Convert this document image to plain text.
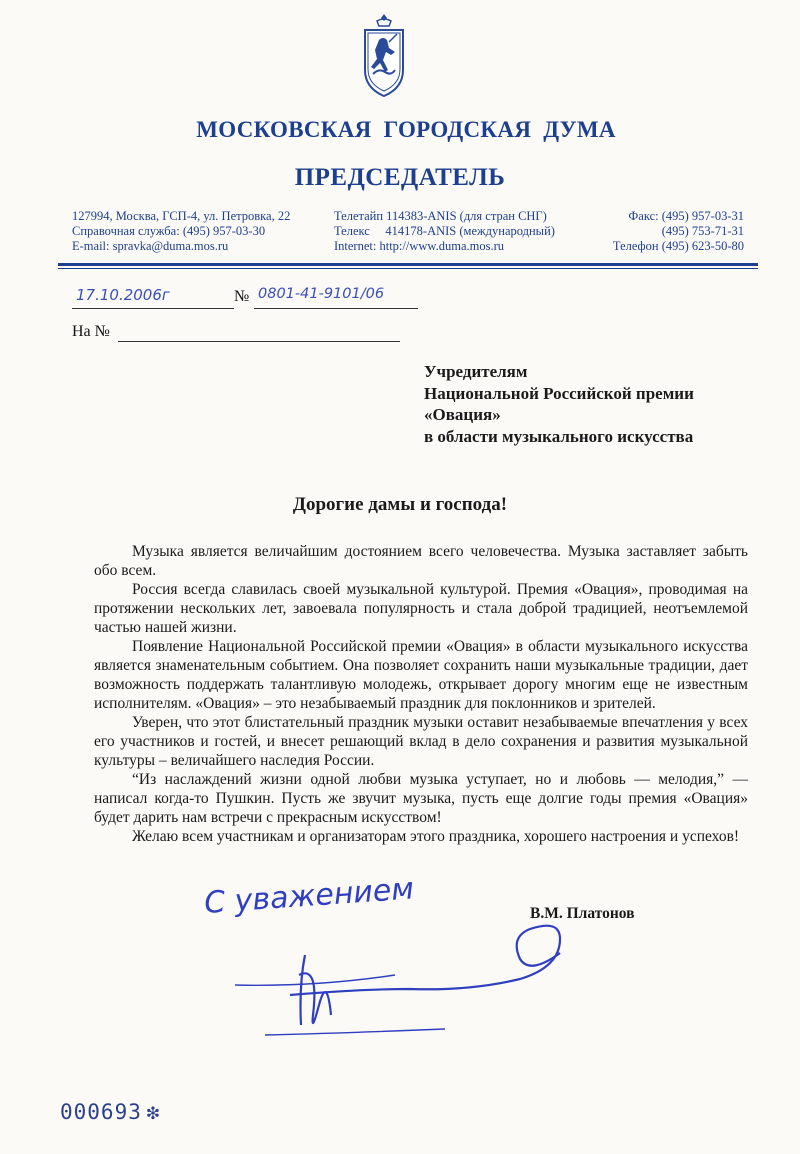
МОСКОВСКАЯ ГОРОДСКАЯ ДУМА
ПРЕДСЕДАТЕЛЬ
127994, Москва, ГСП-4, ул. Петровка, 22
Справочная служба: (495) 957-03-30
E-mail: spravka@duma.mos.ru
Телетайп 114383-ANIS (для стран СНГ)
Телекс     414178-ANIS (международный)
Internet: http://www.duma.mos.ru
Факс: (495) 957-03-31
(495) 753-71-31
Телефон (495) 623-50-80
17.10.2006г	№ 0801-41-9101/06
На №
Учредителям
Национальной Российской премии
«Овация»
в области музыкального искусства
Дорогие дамы и господа!

Музыка является величайшим достоянием всего человечества. Музыка заставляет забыть обо всем.

Россия всегда славилась своей музыкальной культурой. Премия «Овация», проводимая на протяжении нескольких лет, завоевала популярность и стала доброй традицией, неотъемлемой частью нашей жизни.

Появление Национальной Российской премии «Овация» в области музыкального искусства является знаменательным событием. Она позволяет сохранить наши музыкальные традиции, дает возможность поддержать талантливую молодежь, открывает дорогу многим еще не известным исполнителям. «Овация» – это незабываемый праздник для поклонников и зрителей.

Уверен, что этот блистательный праздник музыки оставит незабываемые впечатления у всех его участников и гостей, и внесет решающий вклад в дело сохранения и развития музыкальной культуры – величайшего наследия России.

“Из наслаждений жизни одной любви музыка уступает, но и любовь — мелодия,” — написал когда-то Пушкин. Пусть же звучит музыка, пусть еще долгие годы премия «Овация» будет дарить нам встречи с прекрасным искусством!

Желаю всем участникам и организаторам этого праздника, хорошего настроения и успехов!

С уважением	В.М. Платонов
000693 ❇
